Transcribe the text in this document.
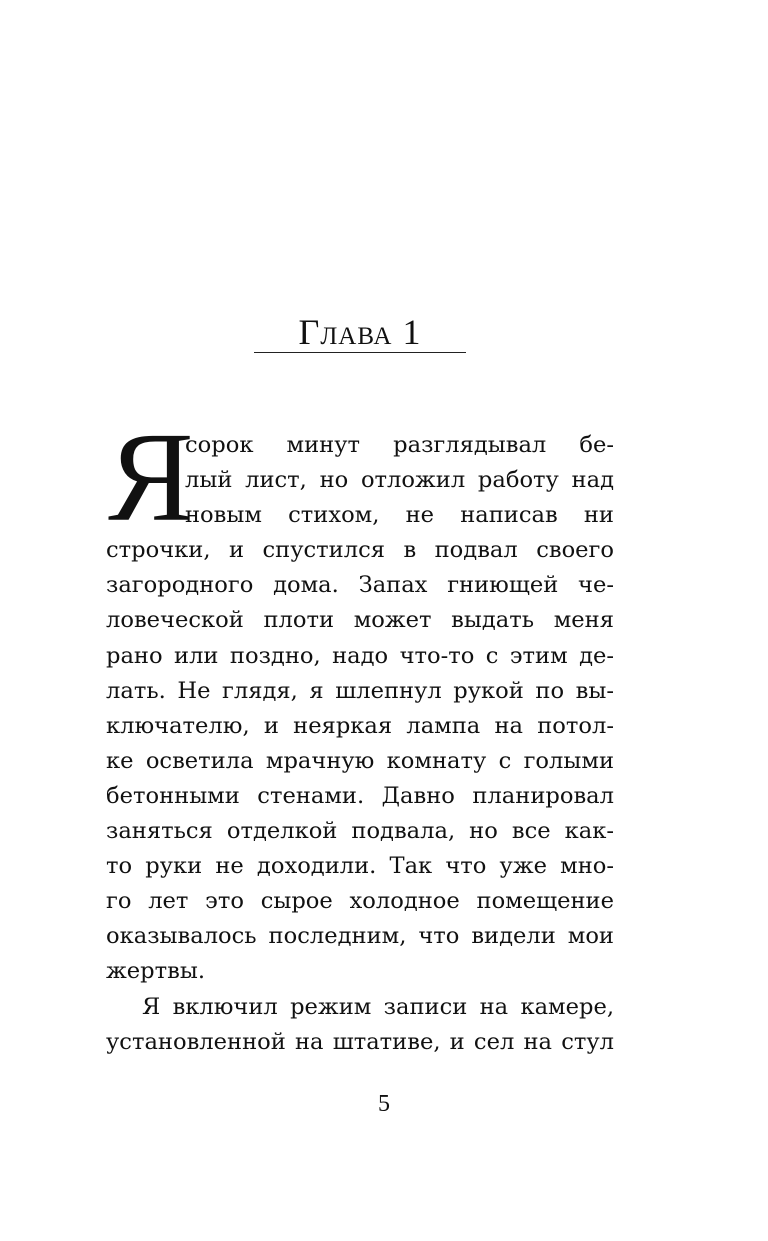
Глава 1
Я
сорок минут разглядывал бе-
лый лист, но отложил работу над
новым стихом, не написав ни
строчки, и спустился в подвал своего
загородного дома. Запах гниющей че-
ловеческой плоти может выдать меня
рано или поздно, надо что-то с этим де-
лать. Не глядя, я шлепнул рукой по вы-
ключателю, и неяркая лампа на потол-
ке осветила мрачную комнату с голыми
бетонными стенами. Давно планировал
заняться отделкой подвала, но все как-
то руки не доходили. Так что уже мно-
го лет это сырое холодное помещение
оказывалось последним, что видели мои
жертвы.
Я включил режим записи на камере,
установленной на штативе, и сел на стул
5
